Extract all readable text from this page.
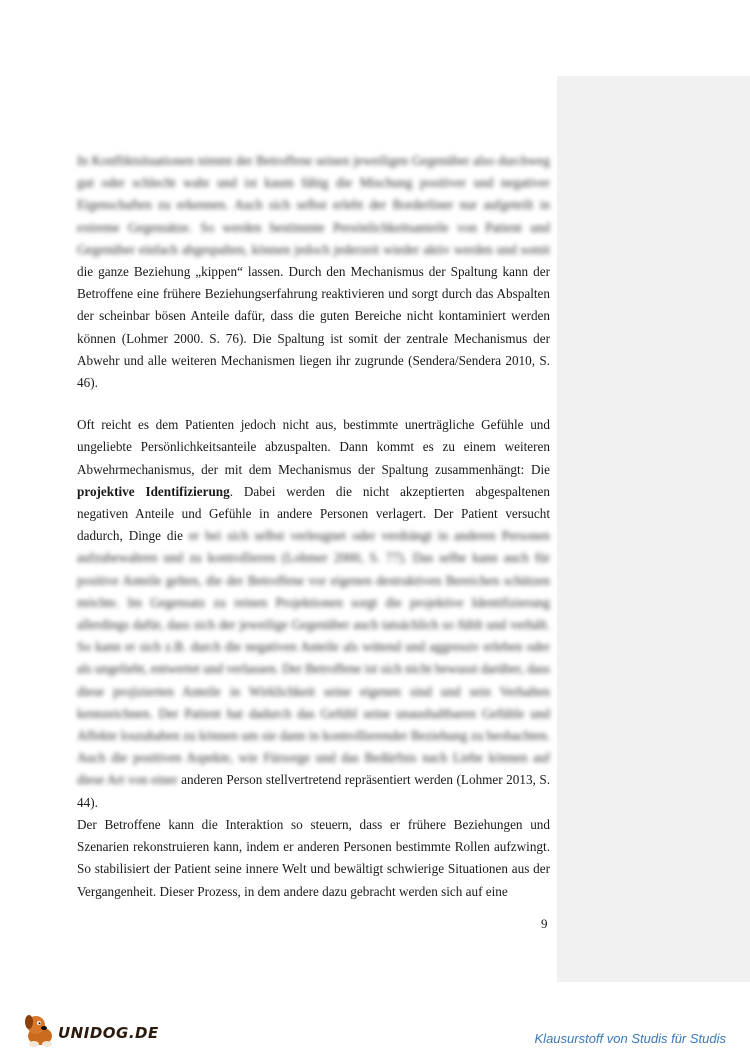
In Konfliktsituationen nimmt der Betroffene seinen jeweiligen Gegenüber also durchweg gut oder schlecht wahr und ist kaum fähig die Mischung positiver und negativer Eigenschaften zu erkennen. Auch sich selbst erlebt der Borderliner nur aufgeteilt in extreme Gegensätze. So werden bestimmte Persönlichkeitsanteile von Patient und Gegenüber einfach abgespalten, können jedoch jederzeit wieder aktiv werden und somit die ganze Beziehung „kippen“ lassen. Durch den Mechanismus der Spaltung kann der Betroffene eine frühere Beziehungserfahrung reaktivieren und sorgt durch das Abspalten der scheinbar bösen Anteile dafür, dass die guten Bereiche nicht kontaminiert werden können (Lohmer 2000. S. 76). Die Spaltung ist somit der zentrale Mechanismus der Abwehr und alle weiteren Mechanismen liegen ihr zugrunde (Sendera/Sendera 2010, S. 46).

Oft reicht es dem Patienten jedoch nicht aus, bestimmte unerträgliche Gefühle und ungeliebte Persönlichkeitsanteile abzuspalten. Dann kommt es zu einem weiteren Abwehrmechanismus, der mit dem Mechanismus der Spaltung zusammenhängt: Die projektive Identifizierung. Dabei werden die nicht akzeptierten abgespaltenen negativen Anteile und Gefühle in andere Personen verlagert. Der Patient versucht dadurch, Dinge die er bei sich selbst verleugnet oder verdrängt in anderen Personen aufzubewahren und zu kontrollieren (Lohmer 2000, S. 77). Das selbe kann auch für positive Anteile gelten, die der Betroffene vor eigenen destruktiven Bereichen schützen möchte. Im Gegensatz zu reinen Projektionen sorgt die projektive Identifizierung allerdings dafür, dass sich der jeweilige Gegenüber auch tatsächlich so fühlt und verhält. So kann er sich z.B. durch die negativen Anteile als wütend und aggressiv erleben oder als ungeliebt, entwertet und verlassen. Der Betroffene ist sich nicht bewusst darüber, dass diese projizierten Anteile in Wirklichkeit seine eigenen sind und sein Verhalten kennzeichnen. Der Patient hat dadurch das Gefühl seine unaushaltbaren Gefühle und Affekte loszuhaben zu können um sie dann in kontrollierender Beziehung zu beobachten. Auch die positiven Aspekte, wie Fürsorge und das Bedürfnis nach Liebe können auf diese Art von einer anderen Person stellvertretend repräsentiert werden (Lohmer 2013, S. 44).

Der Betroffene kann die Interaktion so steuern, dass er frühere Beziehungen und Szenarien rekonstruieren kann, indem er anderen Personen bestimmte Rollen aufzwingt. So stabilisiert der Patient seine innere Welt und bewältigt schwierige Situationen aus der Vergangenheit. Dieser Prozess, in dem andere dazu gebracht werden sich auf eine

9
UNIDOG.DE	Klausurstoff von Studis für Studis
